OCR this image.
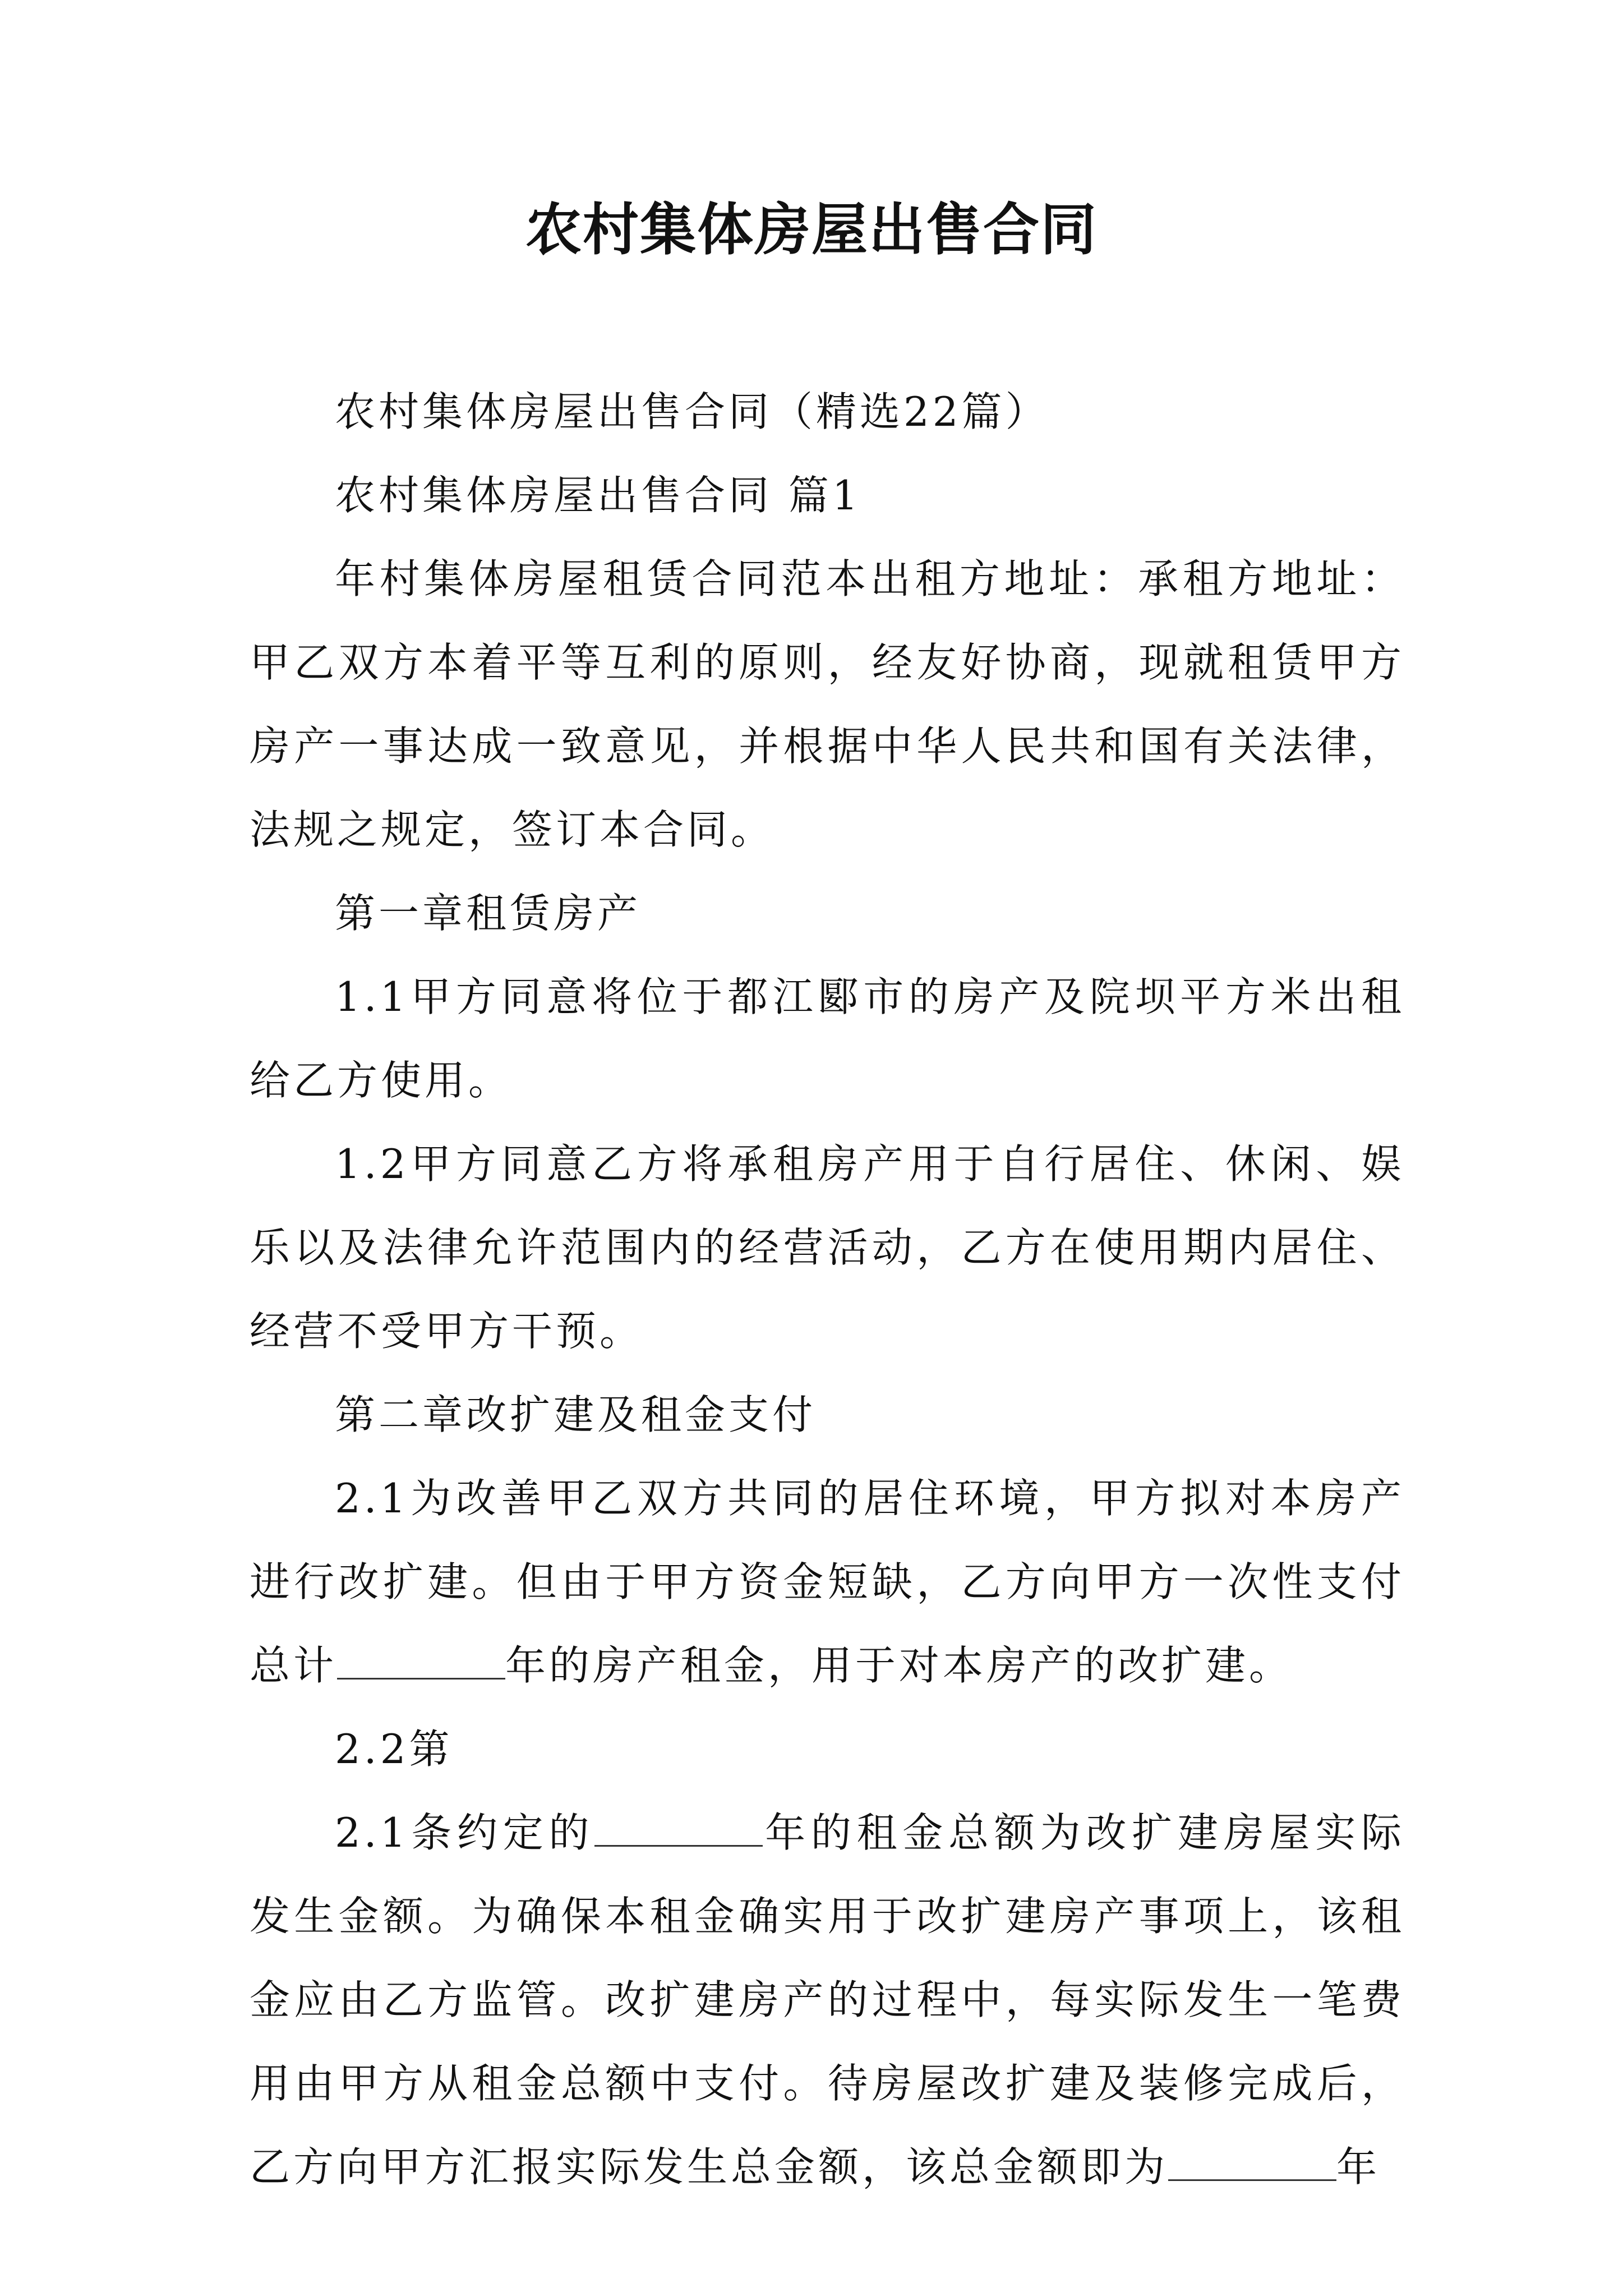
农村集体房屋出售合同

农村集体房屋出售合同（精选22篇）

农村集体房屋出售合同 篇1

年村集体房屋租赁合同范本出租方地址：承租方地址：甲乙双方本着平等互利的原则，经友好协商，现就租赁甲方房产一事达成一致意见，并根据中华人民共和国有关法律，法规之规定，签订本合同。

第一章租赁房产

1.1甲方同意将位于都江郾市的房产及院坝平方米出租给乙方使用。

1.2甲方同意乙方将承租房产用于自行居住、休闲、娱乐以及法律允许范围内的经营活动，乙方在使用期内居住、经营不受甲方干预。

第二章改扩建及租金支付

2.1为改善甲乙双方共同的居住环境，甲方拟对本房产进行改扩建。但由于甲方资金短缺，乙方向甲方一次性支付总计	年的房产租金，用于对本房产的改扩建。

2.2第

2.1条约定的	年的租金总额为改扩建房屋实际发生金额。为确保本租金确实用于改扩建房产事项上，该租金应由乙方监管。改扩建房产的过程中，每实际发生一笔费用由甲方从租金总额中支付。待房屋改扩建及装修完成后，乙方向甲方汇报实际发生总金额，该总金额即为	年
